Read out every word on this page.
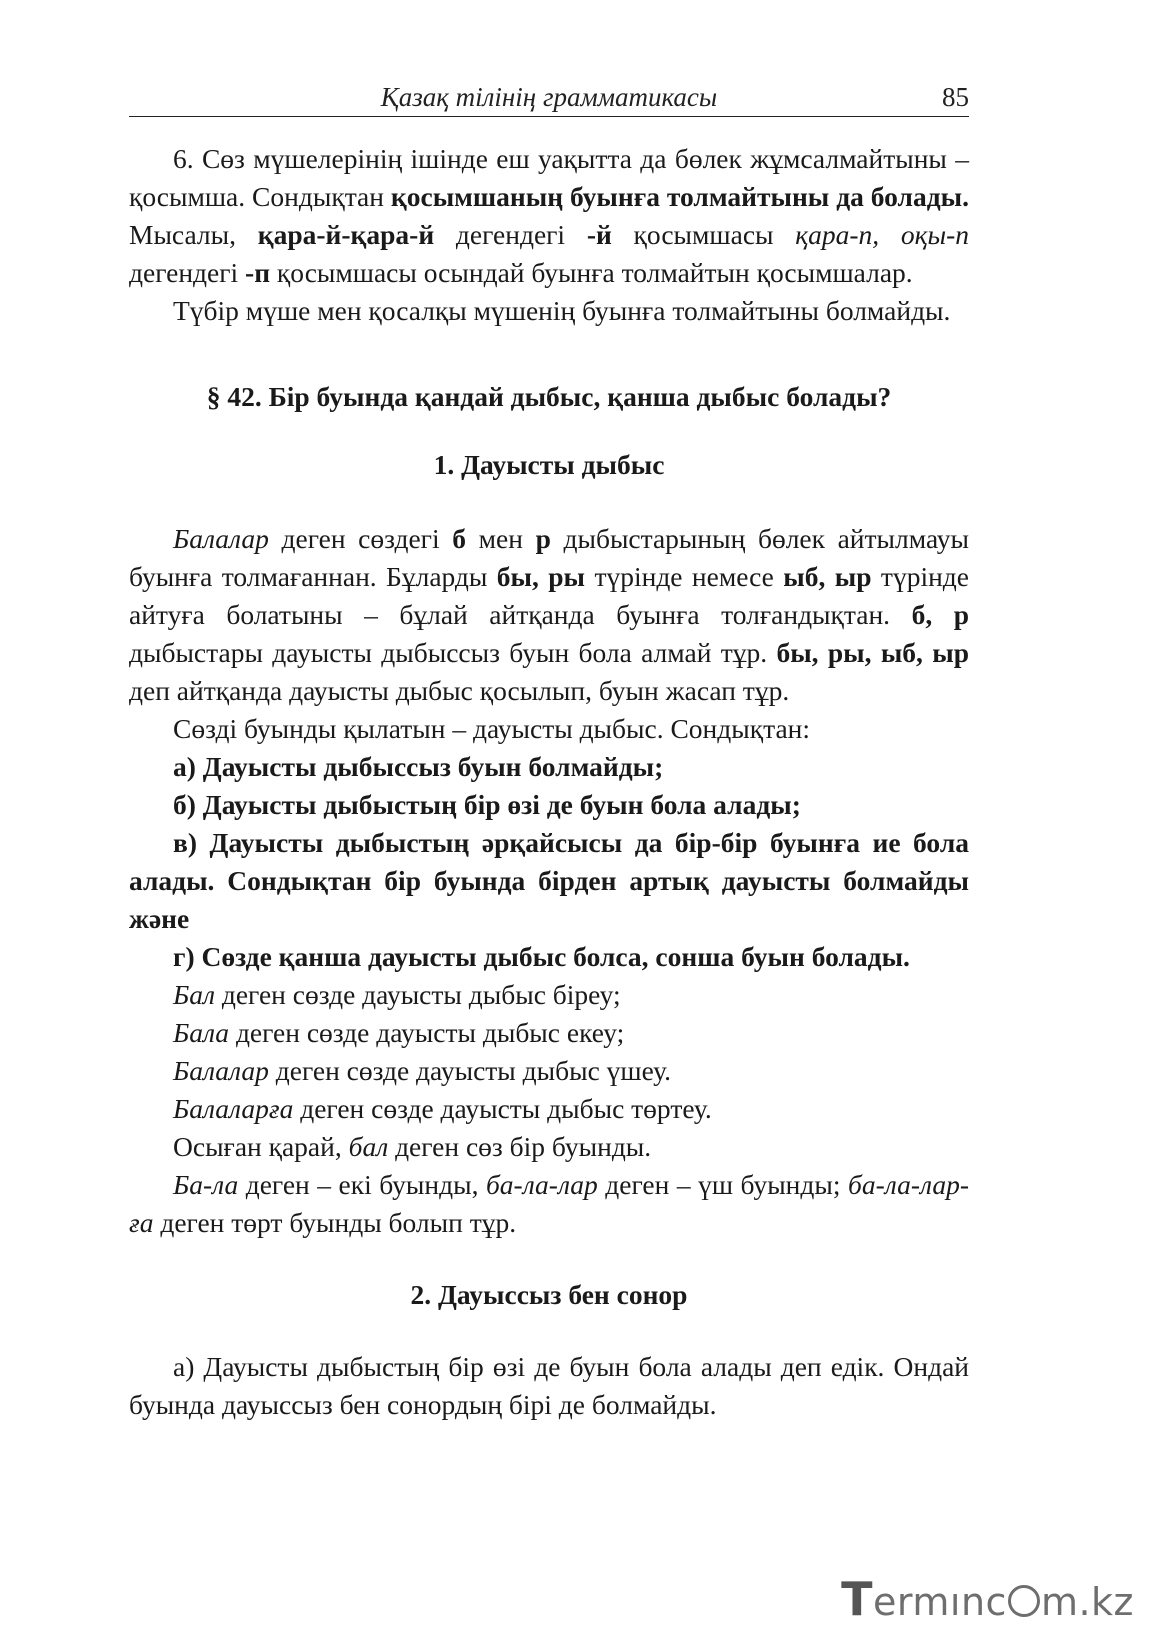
Қазақ тілінің грамматикасы	85

6. Сөз мүшелерінің ішінде еш уақытта да бөлек жұмсалмайтыны – қосымша. Сондықтан қосымшаның буынға толмайтыны да болады. Мысалы, қара-й-қара-й дегендегі -й қосымшасы қара-п, оқы-п дегендегі -п қосымшасы осындай буынға толмайтын қосымшалар.

Түбір мүше мен қосалқы мүшенің буынға толмайтыны болмайды.

§ 42. Бір буында қандай дыбыс, қанша дыбыс болады?
1. Дауысты дыбыс

Балалар деген сөздегі б мен р дыбыстарының бөлек айтылмауы буынға толмағаннан. Бұларды бы, ры түрінде немесе ыб, ыр түрінде айтуға болатыны – бұлай айтқанда буынға толғандықтан. б, р дыбыстары дауысты дыбыссыз буын бола алмай тұр. бы, ры, ыб, ыр деп айтқанда дауысты дыбыс қосылып, буын жасап тұр.

Сөзді буынды қылатын – дауысты дыбыс. Сондықтан:

а) Дауысты дыбыссыз буын болмайды;

б) Дауысты дыбыстың бір өзі де буын бола алады;

в) Дауысты дыбыстың әрқайсысы да бір-бір буынға ие бола алады. Сондықтан бір буында бірден артық дауысты болмайды және

г) Сөзде қанша дауысты дыбыс болса, сонша буын болады.

Бал деген сөзде дауысты дыбыс біреу;

Бала деген сөзде дауысты дыбыс екеу;

Балалар деген сөзде дауысты дыбыс үшеу.

Балаларға деген сөзде дауысты дыбыс төртеу.

Осыған қарай, бал деген сөз бір буынды.

Ба-ла деген – екі буынды, ба-ла-лар деген – үш буынды; ба-ла-лар-ға деген төрт буынды болып тұр.

2. Дауыссыз бен сонор

а) Дауысты дыбыстың бір өзі де буын бола алады деп едік. Ондай буында дауыссыз бен сонордың бірі де болмайды.

Termınc m.kz
